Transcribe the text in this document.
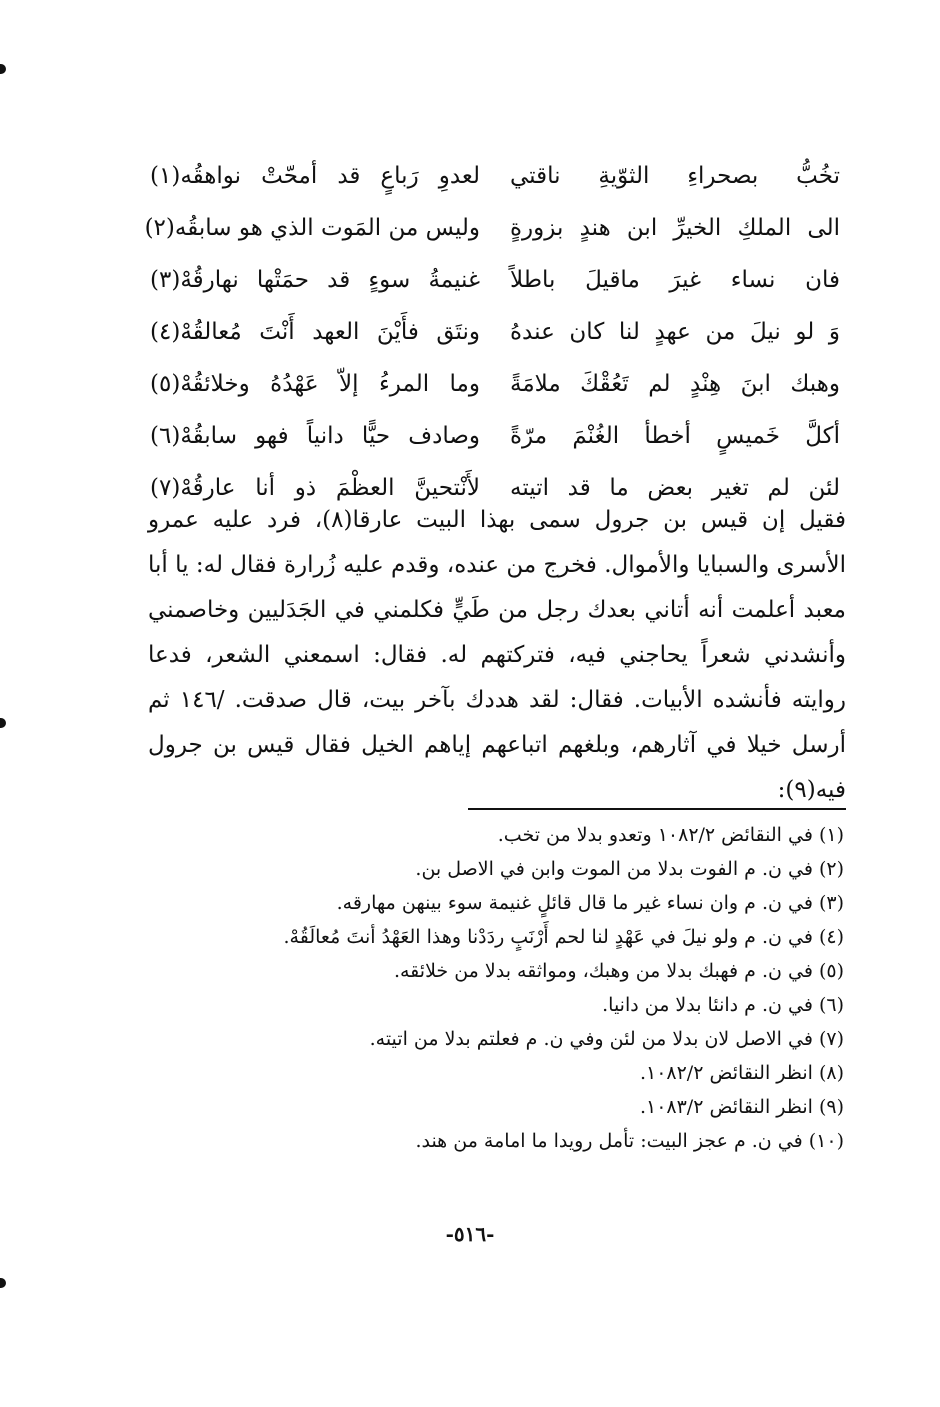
تخُبُّ بصحراءِ الثوّيةِ ناقتي
لعدوِ رَباعٍ قد أمحّتْ نواهقُه(١)
الى الملكِ الخيرِّ ابن هندٍ بزورةٍ
وليس من المَوت الذي هو سابقُه(٢)
فان نساء غيرَ ماقيلَ باطلاً
غنيمةُ سوءٍ قد حمَتْها نهارقُهْ(٣)
وَ لو نيلَ من عهدٍ لنا كان عندهُ
ونتَق فأَيْنَ العهد أَنْتَ مُعالقُهْ(٤)
وهبك ابنَ هِنْدٍ لم تَعُقْكَ ملامَةً
وما المرءُ إلاّ عَهْدُهُ وخلائقُهْ(٥)
أكلَّ خَميسٍ أخطأ الغُنْمَ مرّةً
وصادف حيًّا دانياً فهو سابقُهْ(٦)
لئن لم تغير بعض ما قد اتيته
لأَنْتحينَّ العظْمَ ذو أنا عارقُهْ(٧)

فقيل إن قيس بن جرول سمى بهذا البيت عارقا(٨)، فرد عليه عمرو الأسرى والسبايا والأموال. فخرج من عنده، وقدم عليه زُرارة فقال له: يا أبا معبد أعلمت أنه أتاني بعدك رجل من طَيٍّ فكلمني في الجَدَليين وخاصمني وأنشدني شعراً يحاجني فيه، فتركتهم له. فقال: اسمعني الشعر، فدعا روايته فأنشده الأبيات. فقال: لقد هددك بآخر بيت، قال صدقت. /١٤٦ ثم أرسل خيلا في آثارهم، وبلغهم اتباعهم إياهم الخيل فقال قيس بن جرول فيه(٩):

(١) في النقائض ١٠٨٢/٢ وتعدو بدلا من تخب.
(٢) في ن. م الفوت بدلا من الموت وابن في الاصل بن.
(٣) في ن. م وان نساء غير ما قال قائلٍ غنيمة سوء بينهن مهارقه.
(٤) في ن. م ولو نيلَ في عَهْدٍ لنا لحم أَرْنَبٍ ردَدْنا وهذا العَهْدُ أنتَ مُعالَقُهْ.
(٥) في ن. م فهبك بدلا من وهبك، ومواثقه بدلا من خلائقه.
(٦) في ن. م دانئا بدلا من دانيا.
(٧) في الاصل لان بدلا من لئن وفي ن. م فعلتم بدلا من اتيته.
(٨) انظر النقائض ١٠٨٢/٢.
(٩) انظر النقائض ١٠٨٣/٢.
(١٠) في ن. م عجز البيت: تأمل رويدا ما امامة من هند.
-٥١٦-
